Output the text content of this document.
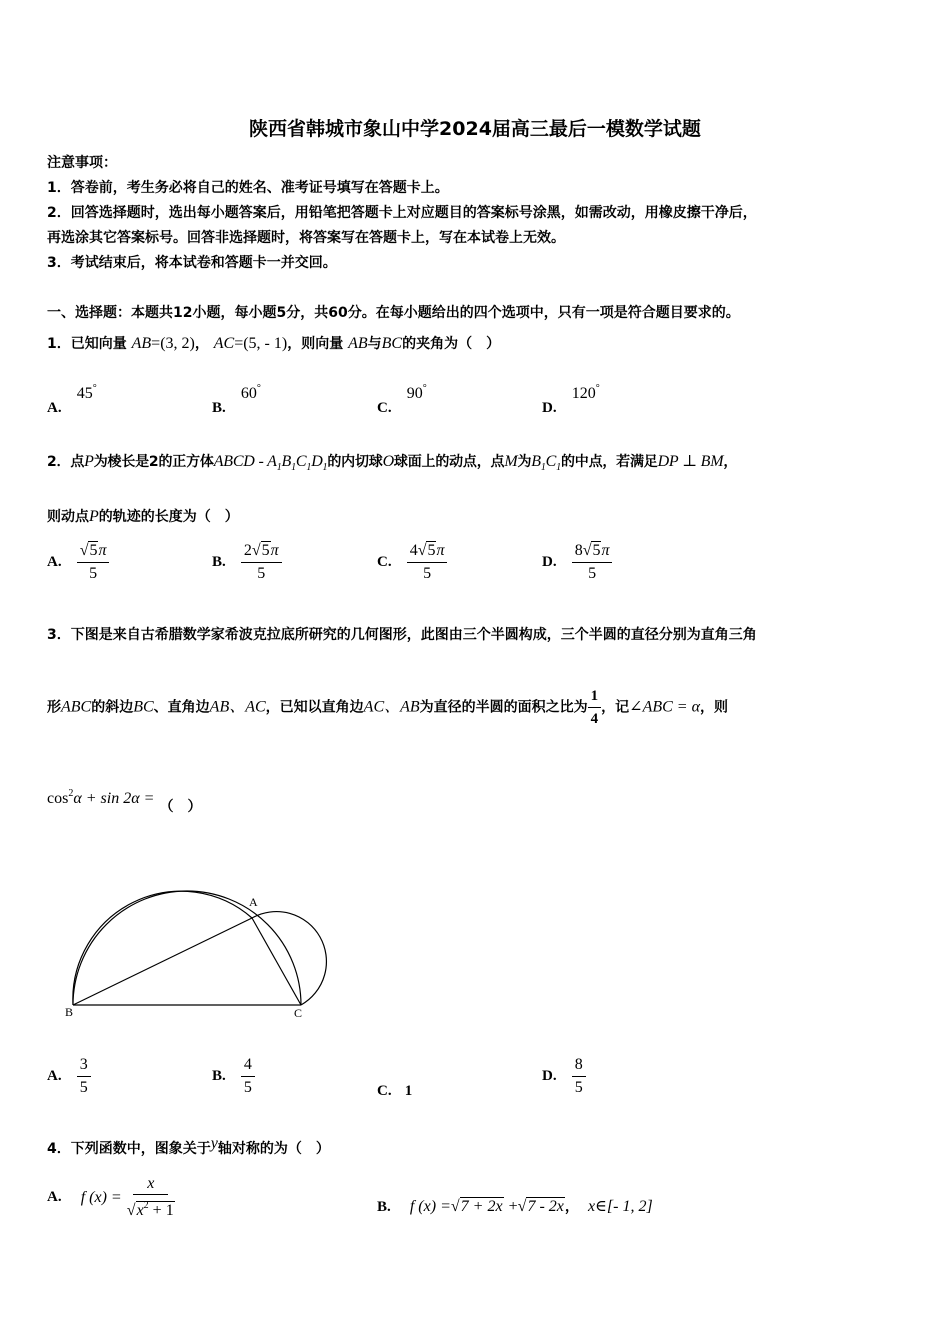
陕西省韩城市象山中学2024届高三最后一模数学试题
注意事项：
1．答卷前，考生务必将自己的姓名、准考证号填写在答题卡上。
2．回答选择题时，选出每小题答案后，用铅笔把答题卡上对应题目的答案标号涂黑，如需改动，用橡皮擦干净后，
再选涂其它答案标号。回答非选择题时，将答案写在答题卡上，写在本试卷上无效。
3．考试结束后，将本试卷和答题卡一并交回。
一、选择题：本题共12小题，每小题5分，共60分。在每小题给出的四个选项中，只有一项是符合题目要求的。
1．已知向量 AB=(3, 2)， AC=(5, - 1)，则向量 AB与BC的夹角为（　）
A. 45°
B. 60°
C. 90°
D. 120°
2．点P为棱长是2的正方体ABCD - $A_1B_1C_1D_1$的内切球O球面上的动点，点M为$B_1C_1$的中点，若满足DP ⊥ BM，
则动点P的轨迹的长度为（　）
A. $\frac{√5\pi}{5}$	B. $\frac{2√5\pi}{5}$	C. $\frac{4√5\pi}{5}$	D. $\frac{8√5\pi}{5}$
3．下图是来自古希腊数学家希波克拉底所研究的几何图形，此图由三个半圆构成，三个半圆的直径分别为直角三角
形ABC的斜边BC、直角边AB、AC，已知以直角边AC、AB为直径的半圆的面积之比为 $\frac{1}{4}$ ，记∠ABC = α，则
$\cos^2\alpha + \sin 2\alpha$ = （　）
A
B	C
A. $\frac{3}{5}$	B. $\frac{4}{5}$	C. 1
D. $\frac{8}{5}$
4．下列函数中，图象关于y轴对称的为（　）
A. f $(x) = \frac{x}{√x^2 + 1}$	B. f (x) =√7 + 2x +√7 - 2x， x∈[- 1, 2]
